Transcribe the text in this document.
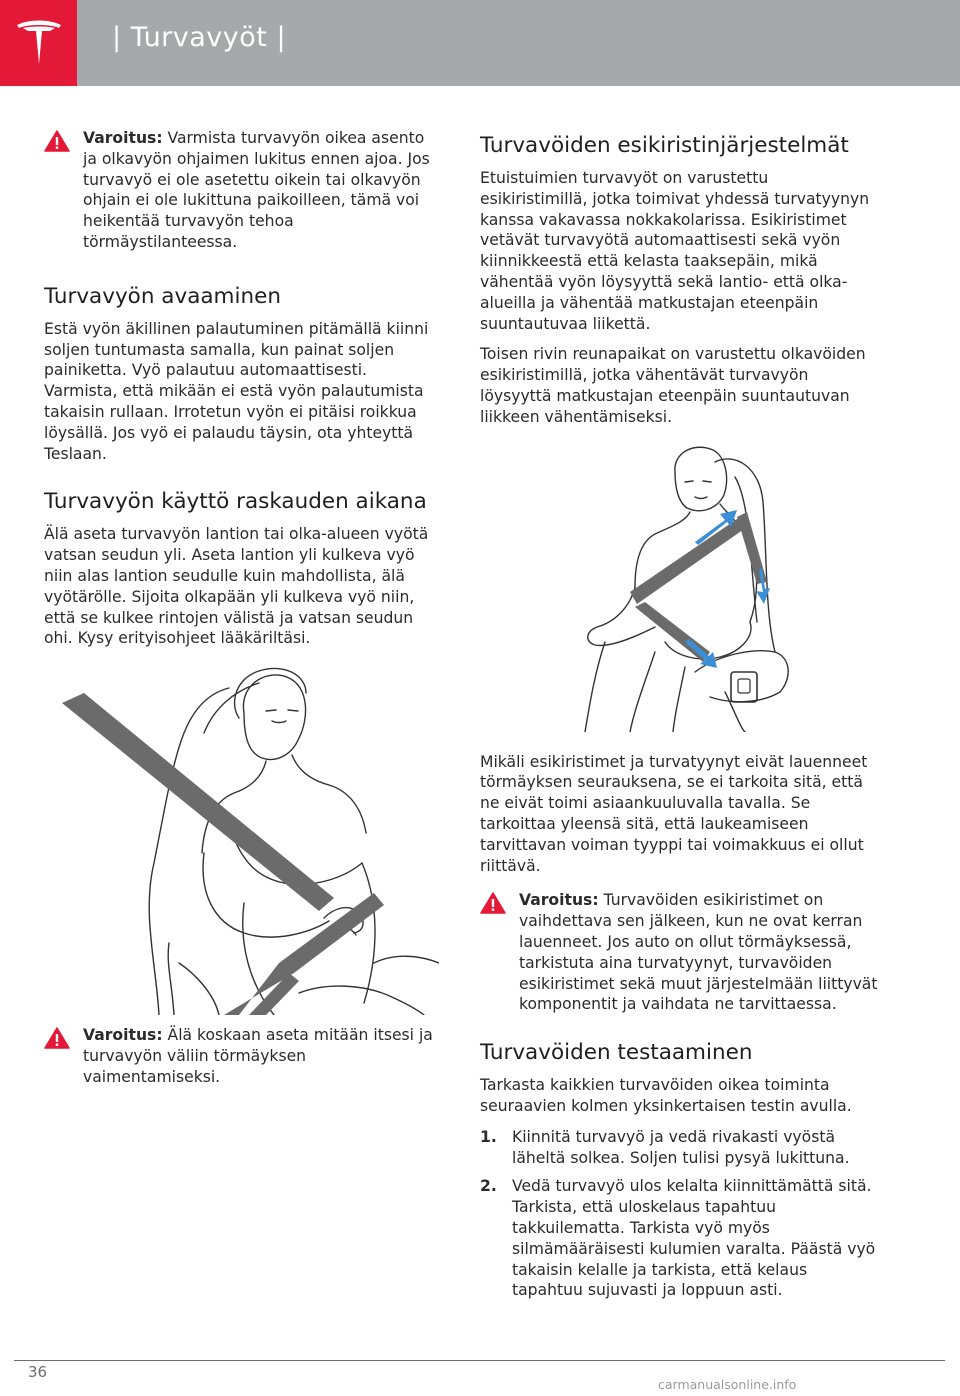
| Turvavyöt |
Varoitus: Varmista turvavyön oikea asento ja olkavyön ohjaimen lukitus ennen ajoa. Jos turvavyö ei ole asetettu oikein tai olkavyön ohjain ei ole lukittuna paikoilleen, tämä voi heikentää turvavyön tehoa törmäystilanteessa.
Turvavyön avaaminen

Estä vyön äkillinen palautuminen pitämällä kiinni soljen tuntumasta samalla, kun painat soljen painiketta. Vyö palautuu automaattisesti. Varmista, että mikään ei estä vyön palautumista takaisin rullaan. Irrotetun vyön ei pitäisi roikkua löysällä. Jos vyö ei palaudu täysin, ota yhteyttä Teslaan.

Turvavyön käyttö raskauden aikana

Älä aseta turvavyön lantion tai olka-alueen vyötä vatsan seudun yli. Aseta lantion yli kulkeva vyö niin alas lantion seudulle kuin mahdollista, älä vyötärölle. Sijoita olkapään yli kulkeva vyö niin, että se kulkee rintojen välistä ja vatsan seudun ohi. Kysy erityisohjeet lääkäriltäsi.

Varoitus: Älä koskaan aseta mitään itsesi ja turvavyön väliin törmäyksen vaimentamiseksi.
Turvavöiden esikiristinjärjestelmät

Etuistuimien turvavyöt on varustettu esikiristimillä, jotka toimivat yhdessä turvatyynyn kanssa vakavassa nokkakolarissa. Esikiristimet vetävät turvavyötä automaattisesti sekä vyön kiinnikkeestä että kelasta taaksepäin, mikä vähentää vyön löysyyttä sekä lantio- että olka-alueilla ja vähentää matkustajan eteenpäin suuntautuvaa liikettä.

Toisen rivin reunapaikat on varustettu olkavöiden esikiristimillä, jotka vähentävät turvavyön löysyyttä matkustajan eteenpäin suuntautuvan liikkeen vähentämiseksi.

Mikäli esikiristimet ja turvatyynyt eivät lauenneet törmäyksen seurauksena, se ei tarkoita sitä, että ne eivät toimi asiaankuuluvalla tavalla. Se tarkoittaa yleensä sitä, että laukeamiseen tarvittavan voiman tyyppi tai voimakkuus ei ollut riittävä.

Varoitus: Turvavöiden esikiristimet on vaihdettava sen jälkeen, kun ne ovat kerran lauenneet. Jos auto on ollut törmäyksessä, tarkistuta aina turvatyynyt, turvavöiden esikiristimet sekä muut järjestelmään liittyvät komponentit ja vaihdata ne tarvittaessa.
Turvavöiden testaaminen

Tarkasta kaikkien turvavöiden oikea toiminta seuraavien kolmen yksinkertaisen testin avulla.

1. Kiinnitä turvavyö ja vedä rivakasti vyöstä läheltä solkea. Soljen tulisi pysyä lukittuna.
2. Vedä turvavyö ulos kelalta kiinnittämättä sitä. Tarkista, että uloskelaus tapahtuu takkuilematta. Tarkista vyö myös silmämääräisesti kulumien varalta. Päästä vyö takaisin kelalle ja tarkista, että kelaus tapahtuu sujuvasti ja loppuun asti.
36
carmanualsonline.info
